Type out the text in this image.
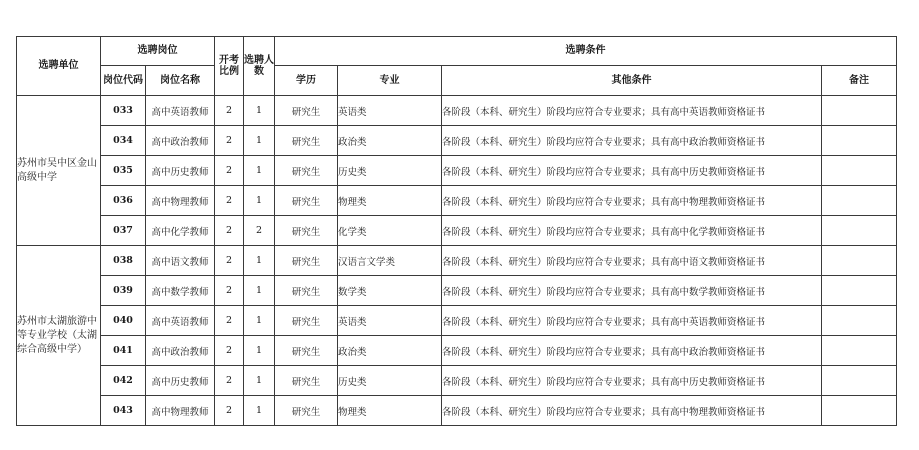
选聘单位	选聘岗位		开考比例	选聘人数	选聘条件			
	岗位代码	岗位名称			学历	专业	其他条件	备注
苏州市吴中区金山高级中学	033	高中英语教师	2	1	研究生	英语类	各阶段（本科、研究生）阶段均应符合专业要求；具有高中英语教师资格证书	
	034	高中政治教师	2	1	研究生	政治类	各阶段（本科、研究生）阶段均应符合专业要求；具有高中政治教师资格证书	
	035	高中历史教师	2	1	研究生	历史类	各阶段（本科、研究生）阶段均应符合专业要求；具有高中历史教师资格证书	
	036	高中物理教师	2	1	研究生	物理类	各阶段（本科、研究生）阶段均应符合专业要求；具有高中物理教师资格证书	
	037	高中化学教师	2	2	研究生	化学类	各阶段（本科、研究生）阶段均应符合专业要求；具有高中化学教师资格证书	
苏州市太湖旅游中等专业学校（太湖综合高级中学）	038	高中语文教师	2	1	研究生	汉语言文学类	各阶段（本科、研究生）阶段均应符合专业要求；具有高中语文教师资格证书	
	039	高中数学教师	2	1	研究生	数学类	各阶段（本科、研究生）阶段均应符合专业要求；具有高中数学教师资格证书	
	040	高中英语教师	2	1	研究生	英语类	各阶段（本科、研究生）阶段均应符合专业要求；具有高中英语教师资格证书	
	041	高中政治教师	2	1	研究生	政治类	各阶段（本科、研究生）阶段均应符合专业要求；具有高中政治教师资格证书	
	042	高中历史教师	2	1	研究生	历史类	各阶段（本科、研究生）阶段均应符合专业要求；具有高中历史教师资格证书	
	043	高中物理教师	2	1	研究生	物理类	各阶段（本科、研究生）阶段均应符合专业要求；具有高中物理教师资格证书	
